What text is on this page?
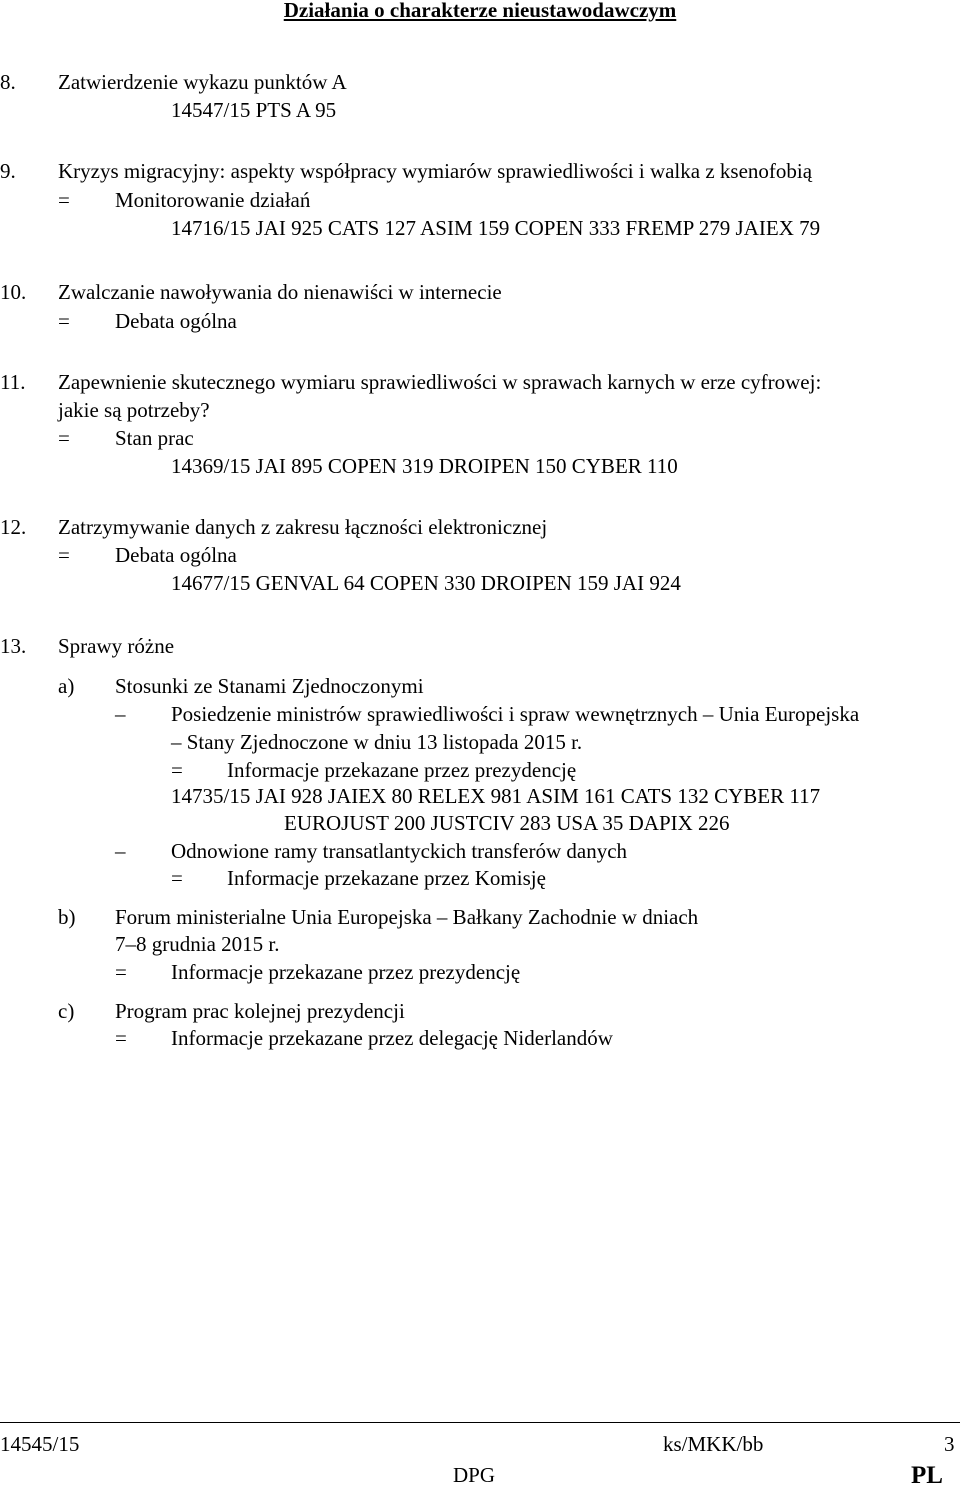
Działania o charakterze nieustawodawczym
8. Zatwierdzenie wykazu punktów A
14547/15 PTS A 95
9. Kryzys migracyjny: aspekty współpracy wymiarów sprawiedliwości i walka z ksenofobią
= Monitorowanie działań
14716/15 JAI 925 CATS 127 ASIM 159 COPEN 333 FREMP 279 JAIEX 79
10. Zwalczanie nawoływania do nienawiści w internecie
= Debata ogólna
11. Zapewnienie skutecznego wymiaru sprawiedliwości w sprawach karnych w erze cyfrowej:
jakie są potrzeby?
= Stan prac
14369/15 JAI 895 COPEN 319 DROIPEN 150 CYBER 110
12. Zatrzymywanie danych z zakresu łączności elektronicznej
= Debata ogólna
14677/15 GENVAL 64 COPEN 330 DROIPEN 159 JAI 924
13. Sprawy różne
a) Stosunki ze Stanami Zjednoczonymi
– Posiedzenie ministrów sprawiedliwości i spraw wewnętrznych – Unia Europejska
– Stany Zjednoczone w dniu 13 listopada 2015 r.
= Informacje przekazane przez prezydencję
14735/15 JAI 928 JAIEX 80 RELEX 981 ASIM 161 CATS 132 CYBER 117
EUROJUST 200 JUSTCIV 283 USA 35 DAPIX 226
– Odnowione ramy transatlantyckich transferów danych
= Informacje przekazane przez Komisję
b) Forum ministerialne Unia Europejska – Bałkany Zachodnie w dniach
7–8 grudnia 2015 r.
= Informacje przekazane przez prezydencję
c) Program prac kolejnej prezydencji
= Informacje przekazane przez delegację Niderlandów
14545/15	ks/MKK/bb	3
DPG	PL
